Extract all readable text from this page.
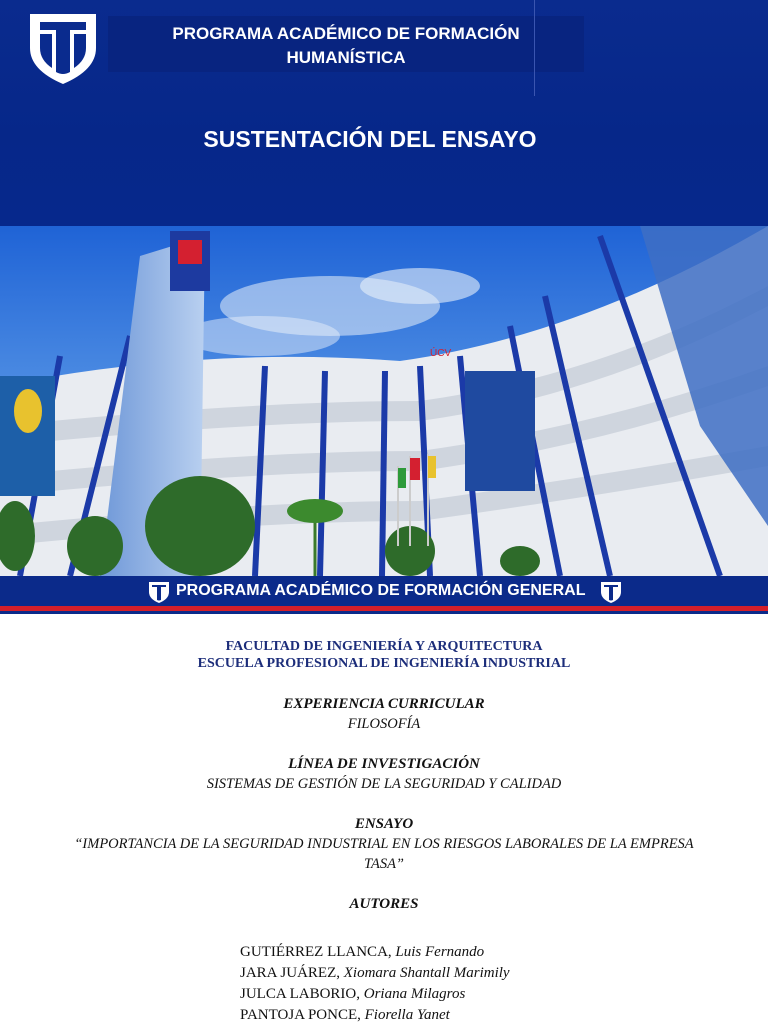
PROGRAMA ACADÉMICO DE FORMACIÓN
HUMANÍSTICA
SUSTENTACIÓN DEL ENSAYO
ÚCV
PROGRAMA ACADÉMICO DE FORMACIÓN GENERAL
FACULTAD DE INGENIERÍA Y ARQUITECTURA
ESCUELA PROFESIONAL DE INGENIERÍA INDUSTRIAL
EXPERIENCIA CURRICULAR
FILOSOFÍA
LÍNEA DE INVESTIGACIÓN
SISTEMAS DE GESTIÓN DE LA SEGURIDAD Y CALIDAD
ENSAYO
“IMPORTANCIA DE LA SEGURIDAD INDUSTRIAL EN LOS RIESGOS LABORALES DE LA EMPRESA TASA”
AUTORES
GUTIÉRREZ LLANCA, Luis Fernando
JARA JUÁREZ, Xiomara Shantall Marimily
JULCA LABORIO, Oriana Milagros
PANTOJA PONCE, Fiorella Yanet
